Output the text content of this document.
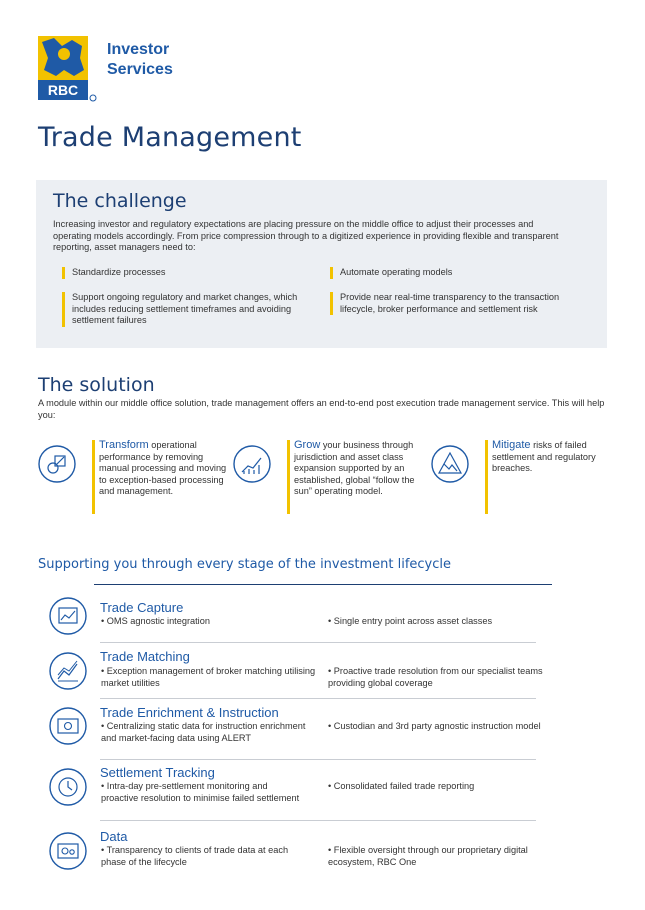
RBC
Investor
Services
Trade Management
The challenge
Increasing investor and regulatory expectations are placing pressure on the middle office to adjust their processes and operating models accordingly. From price compression through to a digitized experience in providing flexible and transparent reporting, asset managers need to:
Standardize processes	Automate operating models
Support ongoing regulatory and market changes, which includes reducing settlement timeframes and avoiding settlement failures
Provide near real-time transparency to the transaction lifecycle, broker performance and settlement risk
The solution
A module within our middle office solution, trade management offers an end-to-end post execution trade management service. This will help you:
Transform operational performance by removing manual processing and moving to exception-based processing and management.
Grow your business through jurisdiction and asset class expansion supported by an established, global “follow the sun” operating model.
Mitigate risks of failed settlement and regulatory breaches.
Supporting you through every stage of the investment lifecycle
Trade Capture
• OMS agnostic integration	• Single entry point across asset classes
Trade Matching
• Exception management of broker matching utilising market utilities
• Proactive trade resolution from our specialist teams providing global coverage
Trade Enrichment & Instruction
• Centralizing static data for instruction enrichment and market-facing data using ALERT
• Custodian and 3rd party agnostic instruction model
Settlement Tracking
• Intra-day pre-settlement monitoring and proactive resolution to minimise failed settlement
• Consolidated failed trade reporting
Data
• Transparency to clients of trade data at each phase of the lifecycle
• Flexible oversight through our proprietary digital ecosystem, RBC One
